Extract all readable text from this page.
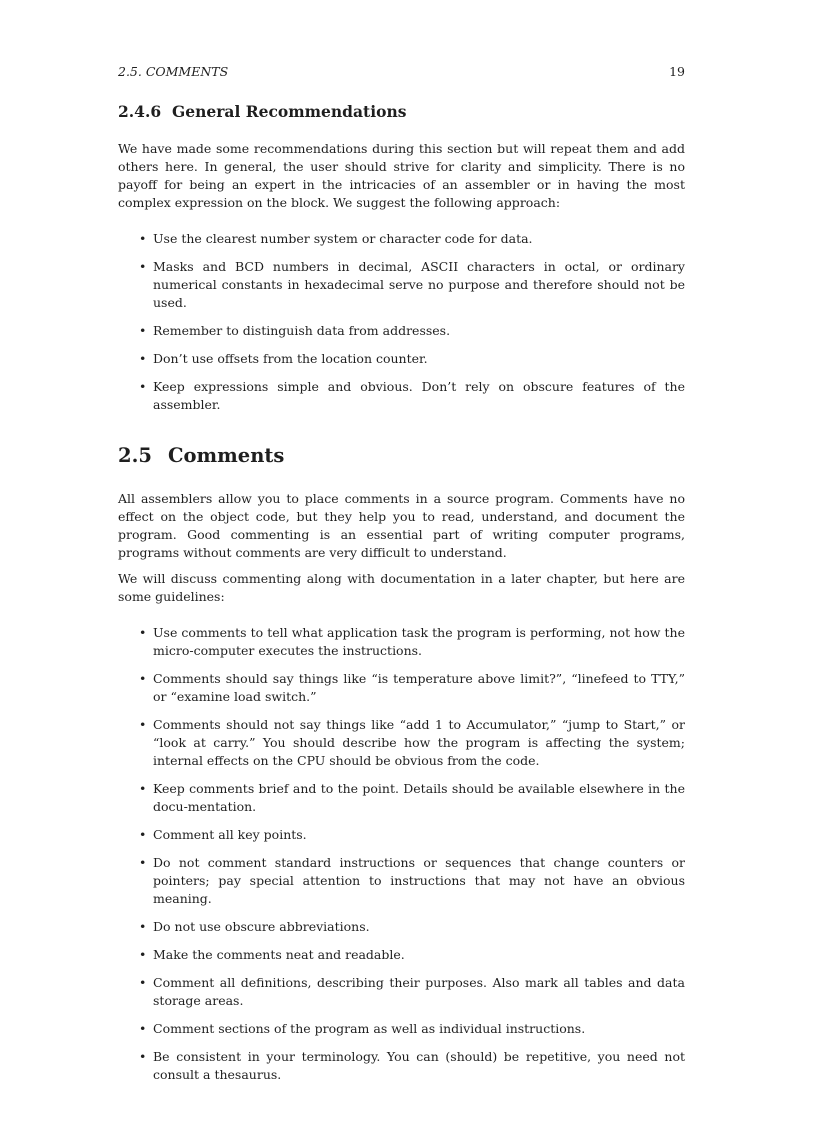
2.5. COMMENTS	19
2.4.6 General Recommendations

We have made some recommendations during this section but will repeat them and add others here. In general, the user should strive for clarity and simplicity. There is no payoff for being an expert in the intricacies of an assembler or in having the most complex expression on the block. We suggest the following approach:

• Use the clearest number system or character code for data.
• Masks and BCD numbers in decimal, ASCII characters in octal, or ordinary numerical constants in hexadecimal serve no purpose and therefore should not be used.
• Remember to distinguish data from addresses.
• Don’t use offsets from the location counter.
• Keep expressions simple and obvious. Don’t rely on obscure features of the assembler.
2.5 Comments

All assemblers allow you to place comments in a source program. Comments have no effect on the object code, but they help you to read, understand, and document the program. Good commenting is an essential part of writing computer programs, programs without comments are very difficult to understand.

We will discuss commenting along with documentation in a later chapter, but here are some guidelines:

• Use comments to tell what application task the program is performing, not how the micro-computer executes the instructions.
• Comments should say things like “is temperature above limit?”, “linefeed to TTY,” or “examine load switch.”
• Comments should not say things like “add 1 to Accumulator,” “jump to Start,” or “look at carry.” You should describe how the program is affecting the system; internal effects on the CPU should be obvious from the code.
• Keep comments brief and to the point. Details should be available elsewhere in the docu-mentation.
• Comment all key points.
• Do not comment standard instructions or sequences that change counters or pointers; pay special attention to instructions that may not have an obvious meaning.
• Do not use obscure abbreviations.
• Make the comments neat and readable.
• Comment all definitions, describing their purposes. Also mark all tables and data storage areas.
• Comment sections of the program as well as individual instructions.
• Be consistent in your terminology. You can (should) be repetitive, you need not consult a thesaurus.
